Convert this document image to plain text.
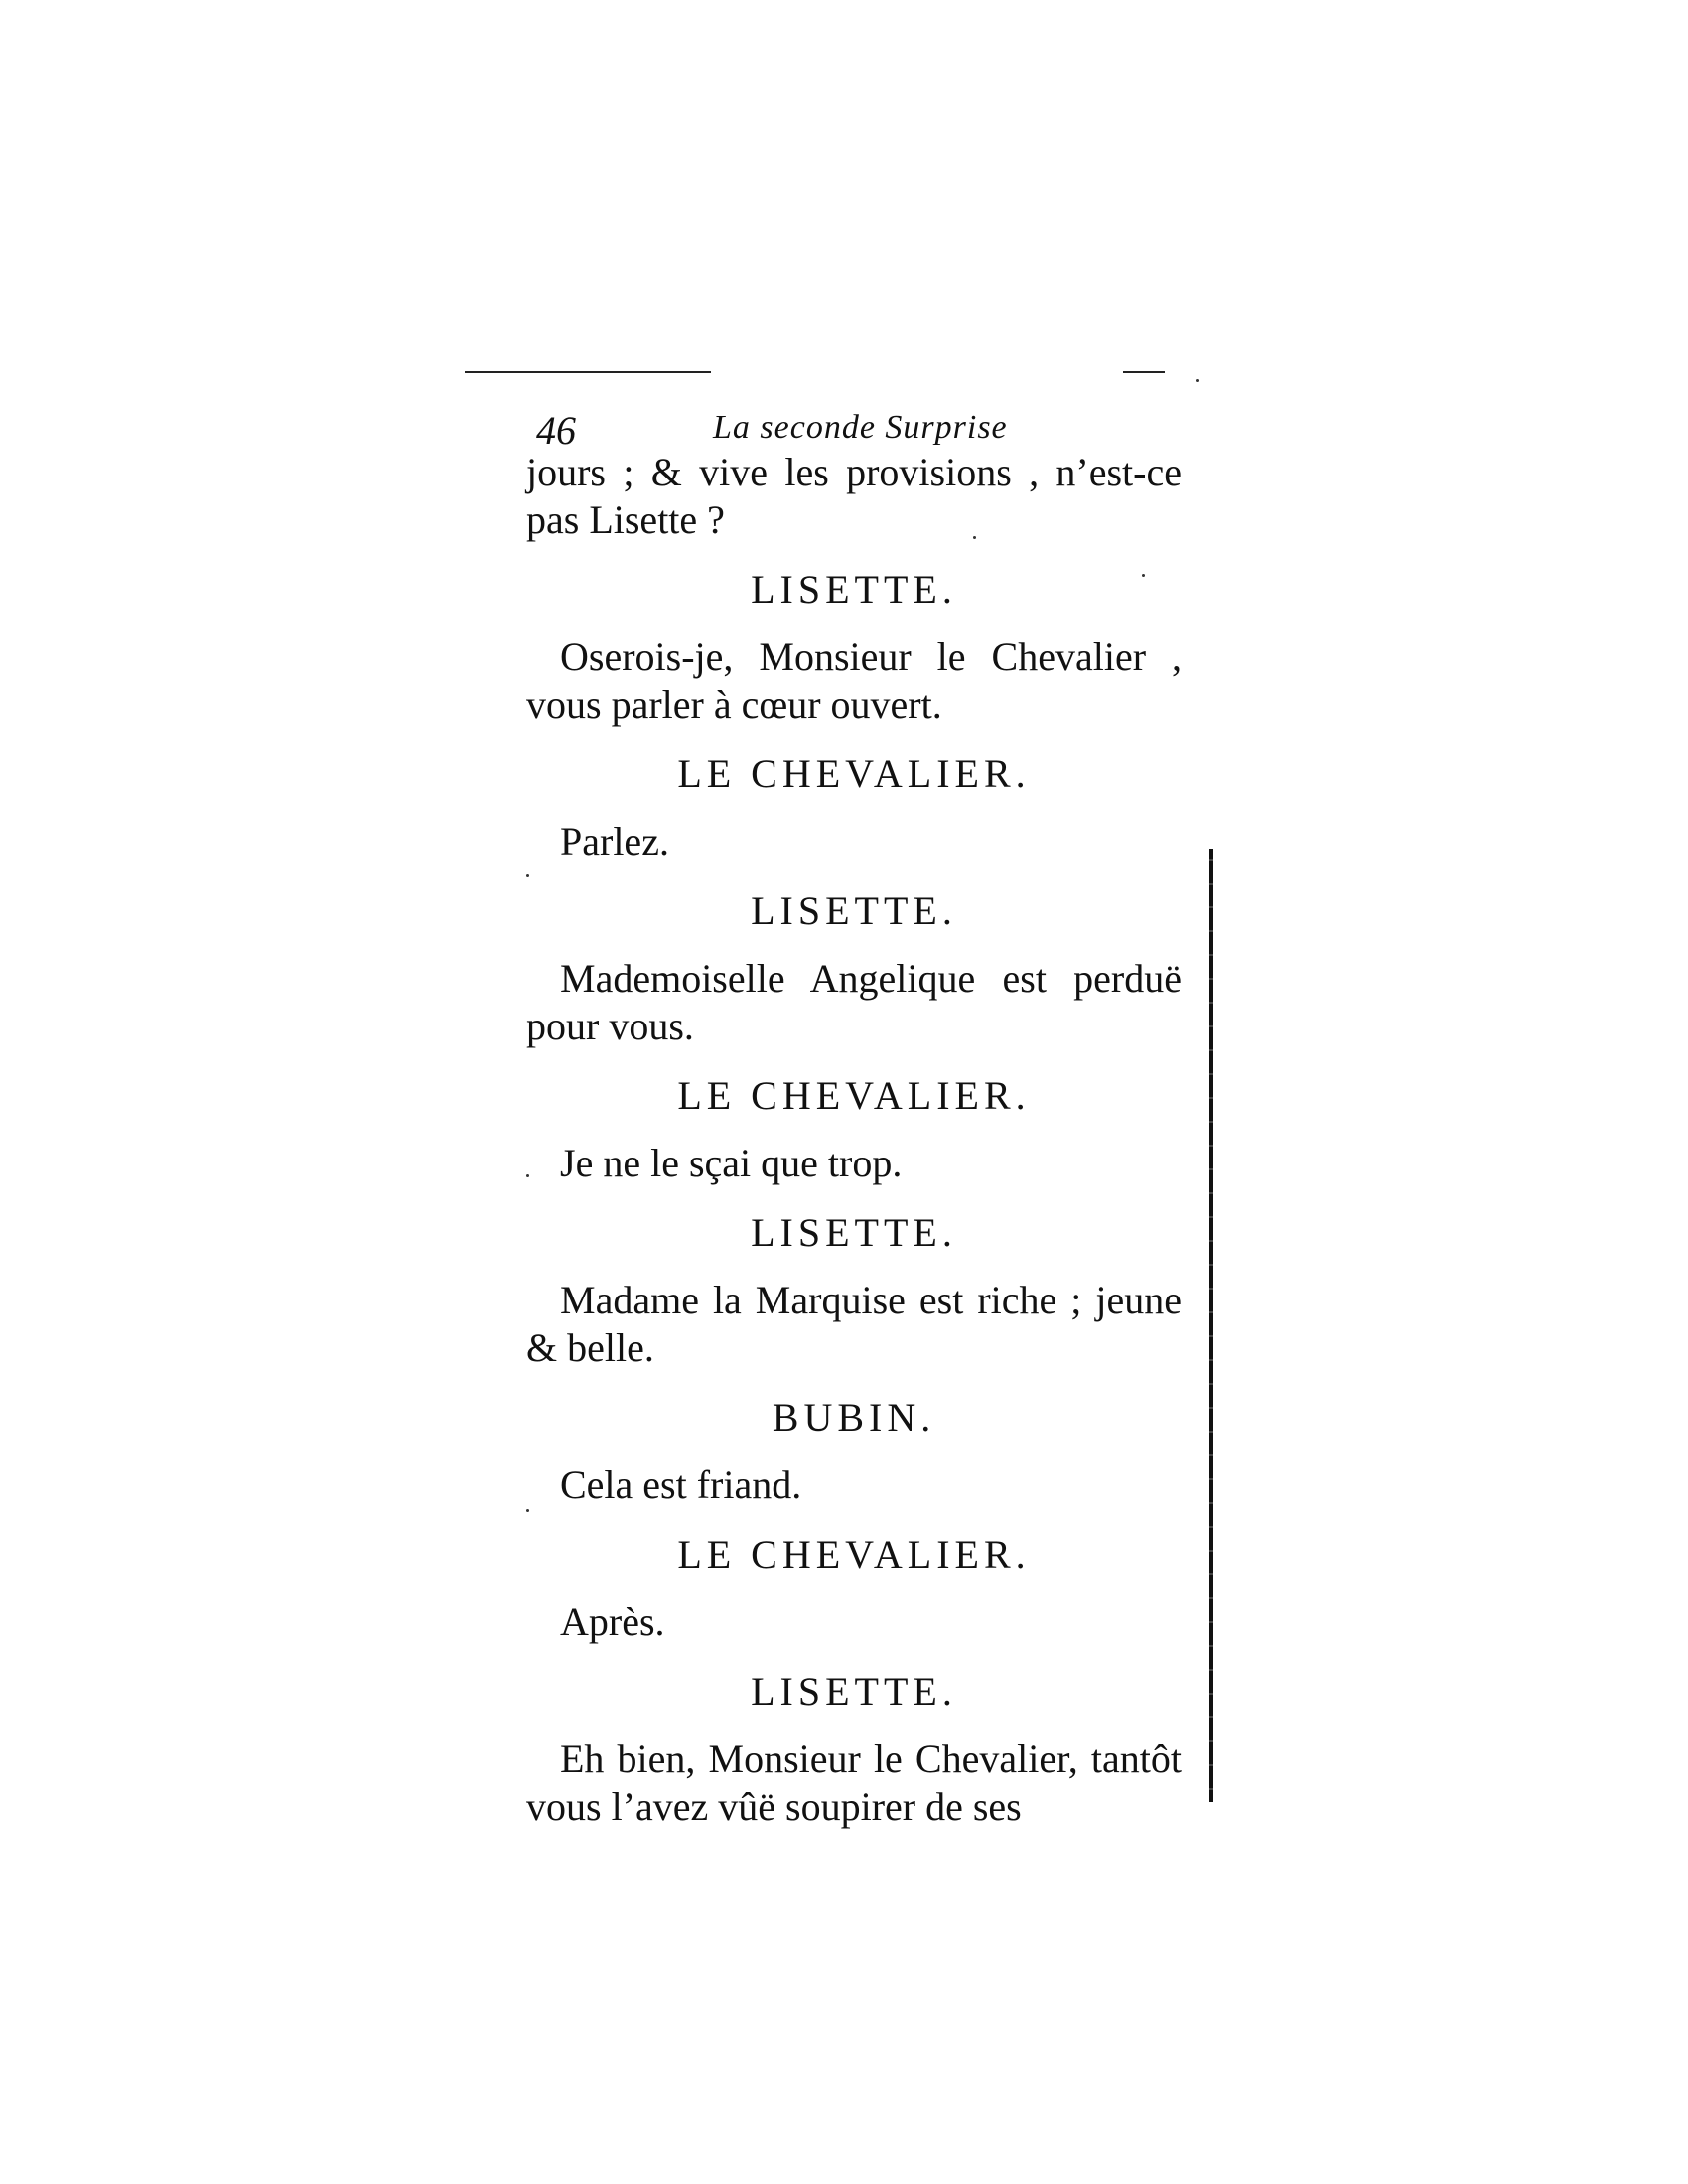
46	La seconde Surprise
jours ; & vive les provisions , n’est-ce pas Lisette ?
LISETTE.
Oserois-je, Monsieur le Chevalier , vous parler à cœur ouvert.
LE CHEVALIER.
Parlez.
LISETTE.
Mademoiselle Angelique est perduë pour vous.
LE CHEVALIER.
Je ne le sçai que trop.
LISETTE.
Madame la Marquise est riche ; jeune & belle.
BUBIN.
Cela est friand.
LE CHEVALIER.
Après.
LISETTE.
Eh bien, Monsieur le Chevalier, tantôt vous l’avez vûë soupirer de ses
